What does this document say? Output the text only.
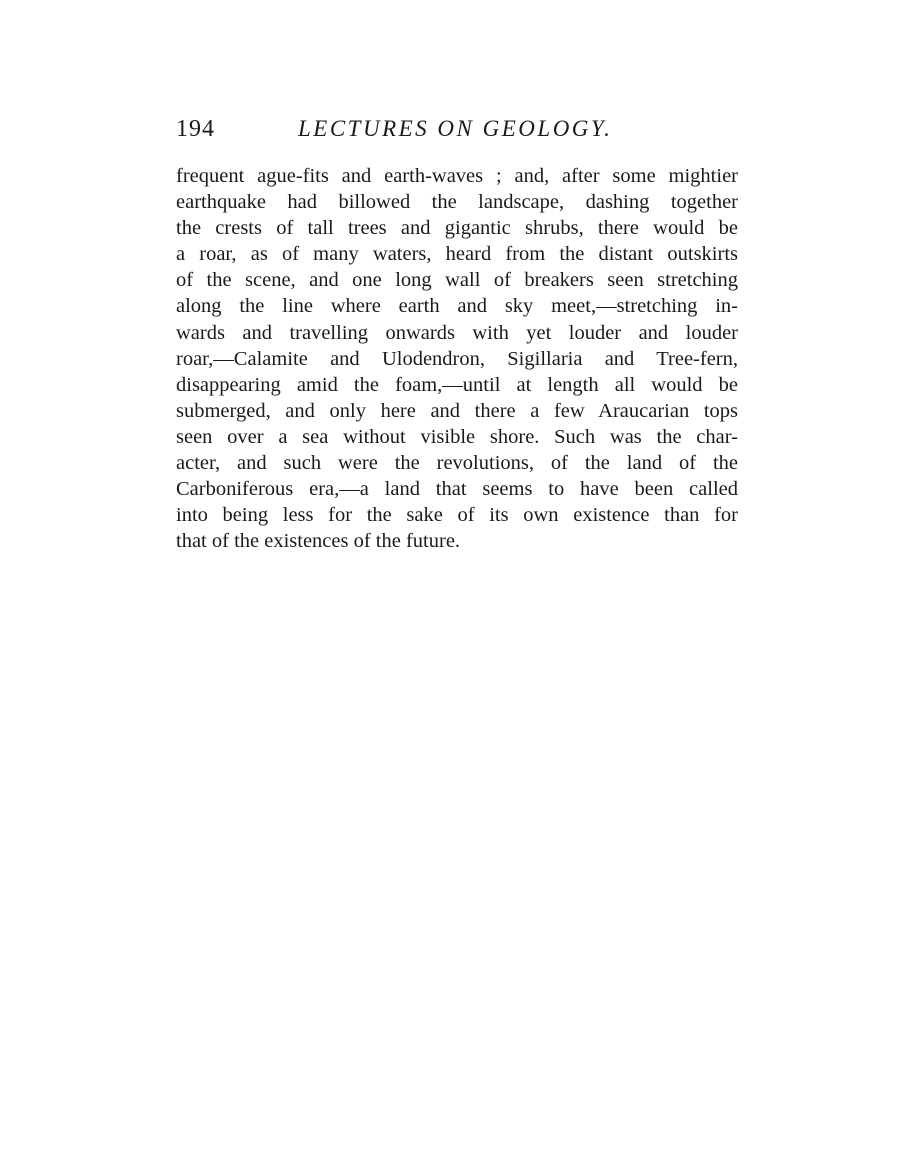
194	LECTURES ON GEOLOGY.
frequent ague-fits and earth-waves ; and, after some mightier
earthquake had billowed the landscape, dashing together
the crests of tall trees and gigantic shrubs, there would be
a roar, as of many waters, heard from the distant outskirts
of the scene, and one long wall of breakers seen stretching
along the line where earth and sky meet,—stretching in-
wards and travelling onwards with yet louder and louder
roar,—Calamite and Ulodendron, Sigillaria and Tree-fern,
disappearing amid the foam,—until at length all would be
submerged, and only here and there a few Araucarian tops
seen over a sea without visible shore. Such was the char-
acter, and such were the revolutions, of the land of the
Carboniferous era,—a land that seems to have been called
into being less for the sake of its own existence than for
that of the existences of the future.
